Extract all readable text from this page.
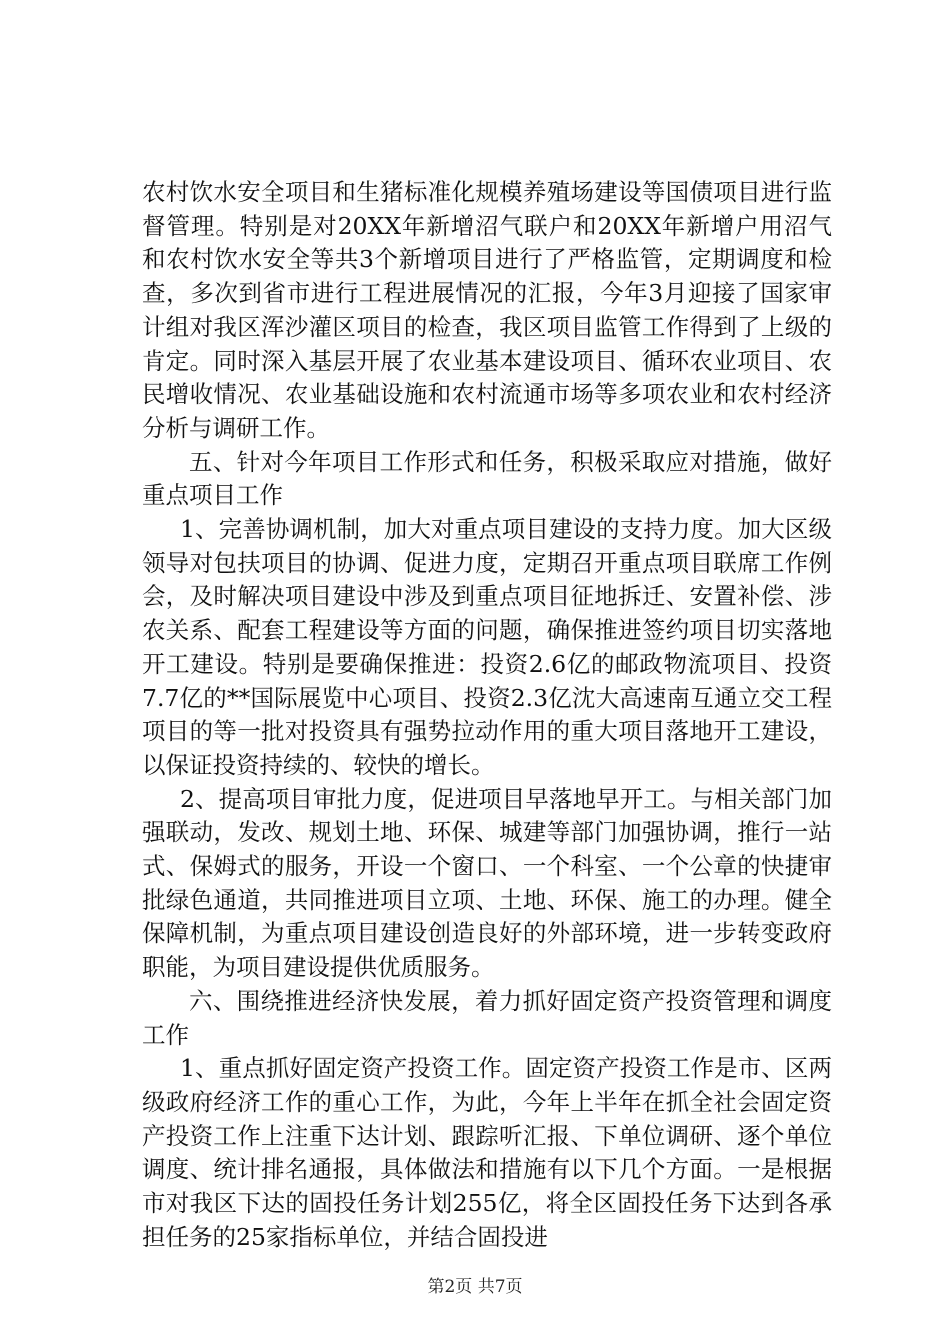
农村饮水安全项目和生猪标准化规模养殖场建设等国债项目进行监督管理。特别是对20XX年新增沼气联户和20XX年新增户用沼气和农村饮水安全等共3个新增项目进行了严格监管，定期调度和检查，多次到省市进行工程进展情况的汇报，今年3月迎接了国家审计组对我区浑沙灌区项目的检查，我区项目监管工作得到了上级的肯定。同时深入基层开展了农业基本建设项目、循环农业项目、农民增收情况、农业基础设施和农村流通市场等多项农业和农村经济分析与调研工作。

五、针对今年项目工作形式和任务，积极采取应对措施，做好重点项目工作

1、完善协调机制，加大对重点项目建设的支持力度。加大区级领导对包扶项目的协调、促进力度，定期召开重点项目联席工作例会，及时解决项目建设中涉及到重点项目征地拆迁、安置补偿、涉农关系、配套工程建设等方面的问题，确保推进签约项目切实落地开工建设。特别是要确保推进：投资2.6亿的邮政物流项目、投资7.7亿的**国际展览中心项目、投资2.3亿沈大高速南互通立交工程项目的等一批对投资具有强势拉动作用的重大项目落地开工建设，以保证投资持续的、较快的增长。

2、提高项目审批力度，促进项目早落地早开工。与相关部门加强联动，发改、规划土地、环保、城建等部门加强协调，推行一站式、保姆式的服务，开设一个窗口、一个科室、一个公章的快捷审批绿色通道，共同推进项目立项、土地、环保、施工的办理。健全保障机制，为重点项目建设创造良好的外部环境，进一步转变政府职能，为项目建设提供优质服务。

六、围绕推进经济快发展，着力抓好固定资产投资管理和调度工作

1、重点抓好固定资产投资工作。固定资产投资工作是市、区两级政府经济工作的重心工作，为此，今年上半年在抓全社会固定资产投资工作上注重下达计划、跟踪听汇报、下单位调研、逐个单位调度、统计排名通报，具体做法和措施有以下几个方面。一是根据市对我区下达的固投任务计划255亿，将全区固投任务下达到各承担任务的25家指标单位，并结合固投进

第2页 共7页
